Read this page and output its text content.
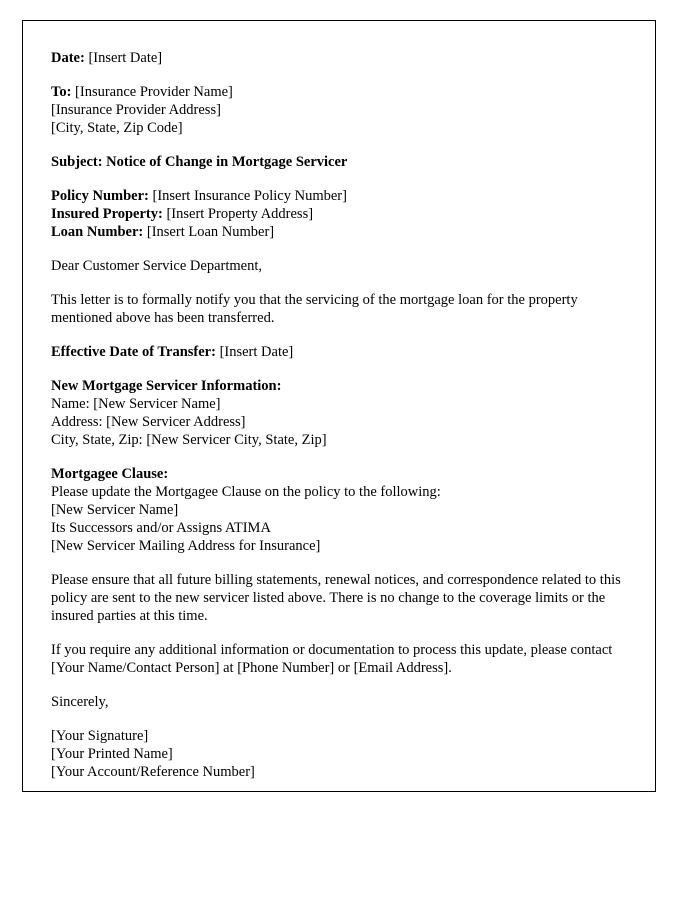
Date: [Insert Date]

To: [Insurance Provider Name]
[Insurance Provider Address]
[City, State, Zip Code]

Subject: Notice of Change in Mortgage Servicer

Policy Number: [Insert Insurance Policy Number]
Insured Property: [Insert Property Address]
Loan Number: [Insert Loan Number]

Dear Customer Service Department,

This letter is to formally notify you that the servicing of the mortgage loan for the property mentioned above has been transferred.

Effective Date of Transfer: [Insert Date]

New Mortgage Servicer Information:
Name: [New Servicer Name]
Address: [New Servicer Address]
City, State, Zip: [New Servicer City, State, Zip]
Mortgagee Clause:
Please update the Mortgagee Clause on the policy to the following:
[New Servicer Name]
Its Successors and/or Assigns ATIMA
[New Servicer Mailing Address for Insurance]

Please ensure that all future billing statements, renewal notices, and correspondence related to this policy are sent to the new servicer listed above. There is no change to the coverage limits or the insured parties at this time.

If you require any additional information or documentation to process this update, please contact [Your Name/Contact Person] at [Phone Number] or [Email Address].

Sincerely,

[Your Signature]
[Your Printed Name]
[Your Account/Reference Number]
